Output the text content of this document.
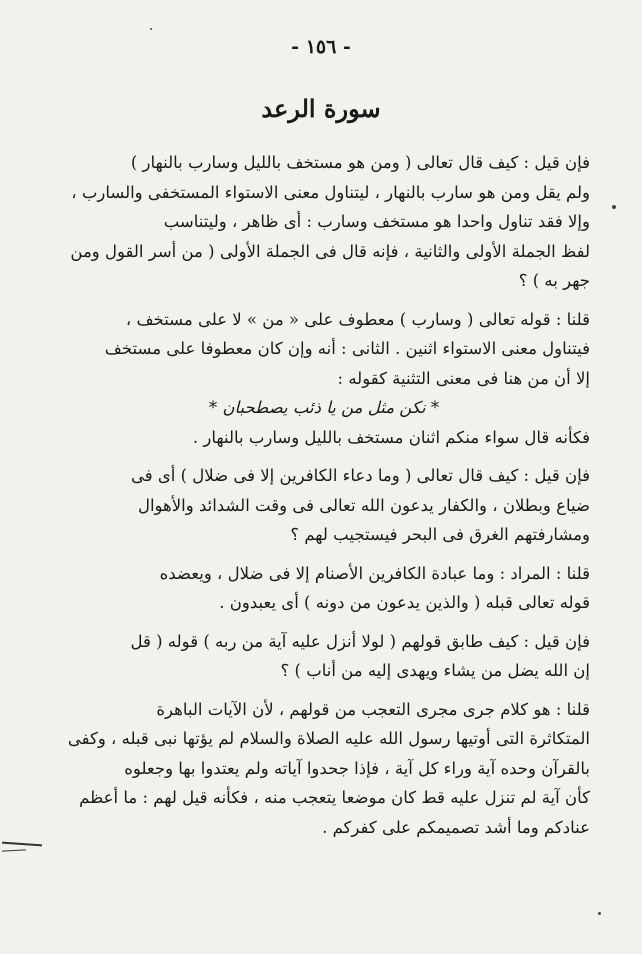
- ١٥٦ -
سورة الرعد

فإن قيل : كيف قال تعالى ( ومن هو مستخف بالليل وسارب بالنهار )
ولم يقل ومن هو سارب بالنهار ، ليتناول معنى الاستواء المستخفى والسارب ،
وإلا فقد تناول واحدا هو مستخف وسارب : أى ظاهر ، وليتناسب
لفظ الجملة الأولى والثانية ، فإنه قال فى الجملة الأولى ( من أسر القول ومن
جهر به ) ؟

قلنا : قوله تعالى ( وسارب ) معطوف على « من » لا على مستخف ،
فيتناول معنى الاستواء اثنين . الثانى : أنه وإن كان معطوفا على مستخف
إلا أن من هنا فى معنى التثنية كقوله :
* نكن مثل من يا ذئب يصطحبان *
فكأنه قال سواء منكم اثنان مستخف بالليل وسارب بالنهار .

فإن قيل : كيف قال تعالى ( وما دعاء الكافرين إلا فى ضلال ) أى فى
ضياع وبطلان ، والكفار يدعون الله تعالى فى وقت الشدائد والأهوال
ومشارفتهم الغرق فى البحر فيستجيب لهم ؟

قلنا : المراد : وما عبادة الكافرين الأصنام إلا فى ضلال ، ويعضده
قوله تعالى قبله ( والذين يدعون من دونه ) أى يعبدون .

فإن قيل : كيف طابق قولهم ( لولا أنزل عليه آية من ربه ) قوله ( قل
إن الله يضل من يشاء ويهدى إليه من أناب ) ؟

قلنا : هو كلام جرى مجرى التعجب من قولهم ، لأن الآيات الباهرة
المتكاثرة التى أوتيها رسول الله عليه الصلاة والسلام لم يؤتها نبى قبله ، وكفى
بالقرآن وحده آية وراء كل آية ، فإذا جحدوا آياته ولم يعتدوا بها وجعلوه
كأن آية لم تنزل عليه قط كان موضعا يتعجب منه ، فكأنه قيل لهم : ما أعظم
عنادكم وما أشد تصميمكم على كفركم .
